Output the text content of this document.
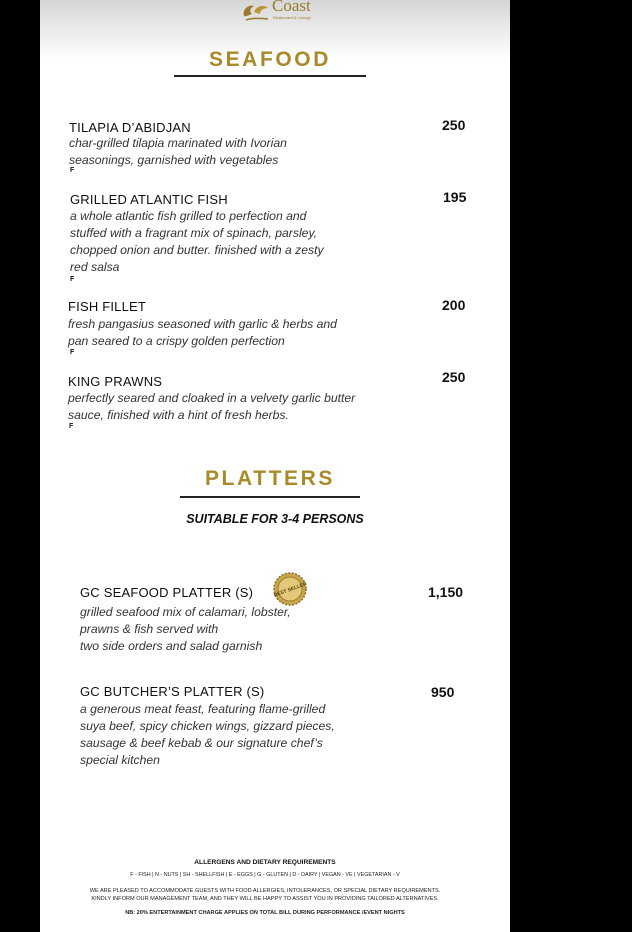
Coast
Restaurant & Lounge
SEAFOOD
TILAPIA D’ABIDJAN	250
char-grilled tilapia marinated with Ivorian
seasonings, garnished with vegetables
F
GRILLED ATLANTIC FISH	195
a whole atlantic fish grilled to perfection and
stuffed with a fragrant mix of spinach, parsley,
chopped onion and butter. finished with a zesty
red salsa
F
FISH FILLET	200
fresh pangasius seasoned with garlic & herbs and
pan seared to a crispy golden perfection
F
KING PRAWNS	250
perfectly seared and cloaked in a velvety garlic butter
sauce, finished with a hint of fresh herbs.
F
PLATTERS
SUITABLE FOR 3-4 PERSONS
GC SEAFOOD PLATTER (S)	BEST SELLER	1,150
grilled seafood mix of calamari, lobster,
prawns & fish served with
two side orders and salad garnish
GC BUTCHER’S PLATTER (S)	950
a generous meat feast, featuring flame-grilled
suya beef, spicy chicken wings, gizzard pieces,
sausage & beef kebab & our signature chef’s
special kitchen
ALLERGENS AND DIETARY REQUIREMENTS
F - FISH | N - NUTS | SH - SHELLFISH | E - EGGS | G - GLUTEN | D - DAIRY | VEGAN - VE | VEGETARIAN - V
WE ARE PLEASED TO ACCOMMODATE GUESTS WITH FOOD ALLERGIES, INTOLERANCES, OR SPECIAL DIETARY REQUIREMENTS.
KINDLY INFORM OUR MANAGEMENT TEAM, AND THEY WILL BE HAPPY TO ASSIST YOU IN PROVIDING TAILORED ALTERNATIVES.
NB: 20% ENTERTAINMENT CHARGE APPLIES ON TOTAL BILL DURING PERFORMANCE /EVENT NIGHTS
